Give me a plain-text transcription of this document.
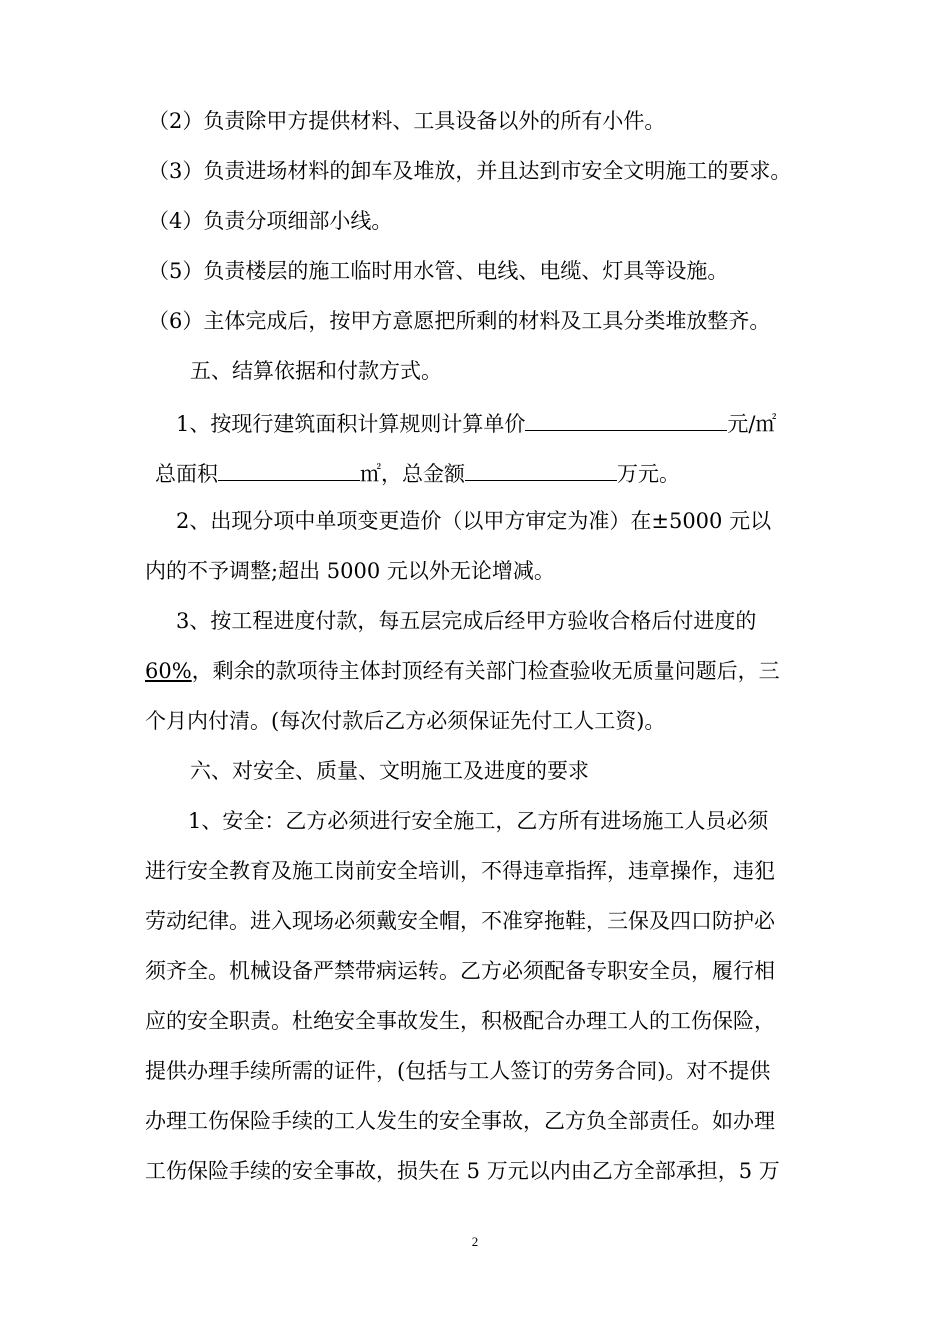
（2）负责除甲方提供材料、工具设备以外的所有小件。
（3）负责进场材料的卸车及堆放，并且达到市安全文明施工的要求。
（4）负责分项细部小线。
（5）负责楼层的施工临时用水管、电线、电缆、灯具等设施。
（6）主体完成后，按甲方意愿把所剩的材料及工具分类堆放整齐。
五、结算依据和付款方式。
1、按现行建筑面积计算规则计算单价	元/㎡
总面积	㎡，总金额	万元。
2、出现分项中单项变更造价（以甲方审定为准）在±5000 元以
内的不予调整;超出 5000 元以外无论增减。
3、按工程进度付款，每五层完成后经甲方验收合格后付进度的
60%，剩余的款项待主体封顶经有关部门检查验收无质量问题后，三
个月内付清。(每次付款后乙方必须保证先付工人工资)。
六、对安全、质量、文明施工及进度的要求
1、安全：乙方必须进行安全施工，乙方所有进场施工人员必须
进行安全教育及施工岗前安全培训，不得违章指挥，违章操作，违犯
劳动纪律。进入现场必须戴安全帽，不准穿拖鞋，三保及四口防护必
须齐全。机械设备严禁带病运转。乙方必须配备专职安全员，履行相
应的安全职责。杜绝安全事故发生，积极配合办理工人的工伤保险，
提供办理手续所需的证件，(包括与工人签订的劳务合同)。对不提供
办理工伤保险手续的工人发生的安全事故，乙方负全部责任。如办理
工伤保险手续的安全事故，损失在 5 万元以内由乙方全部承担，5 万
2
